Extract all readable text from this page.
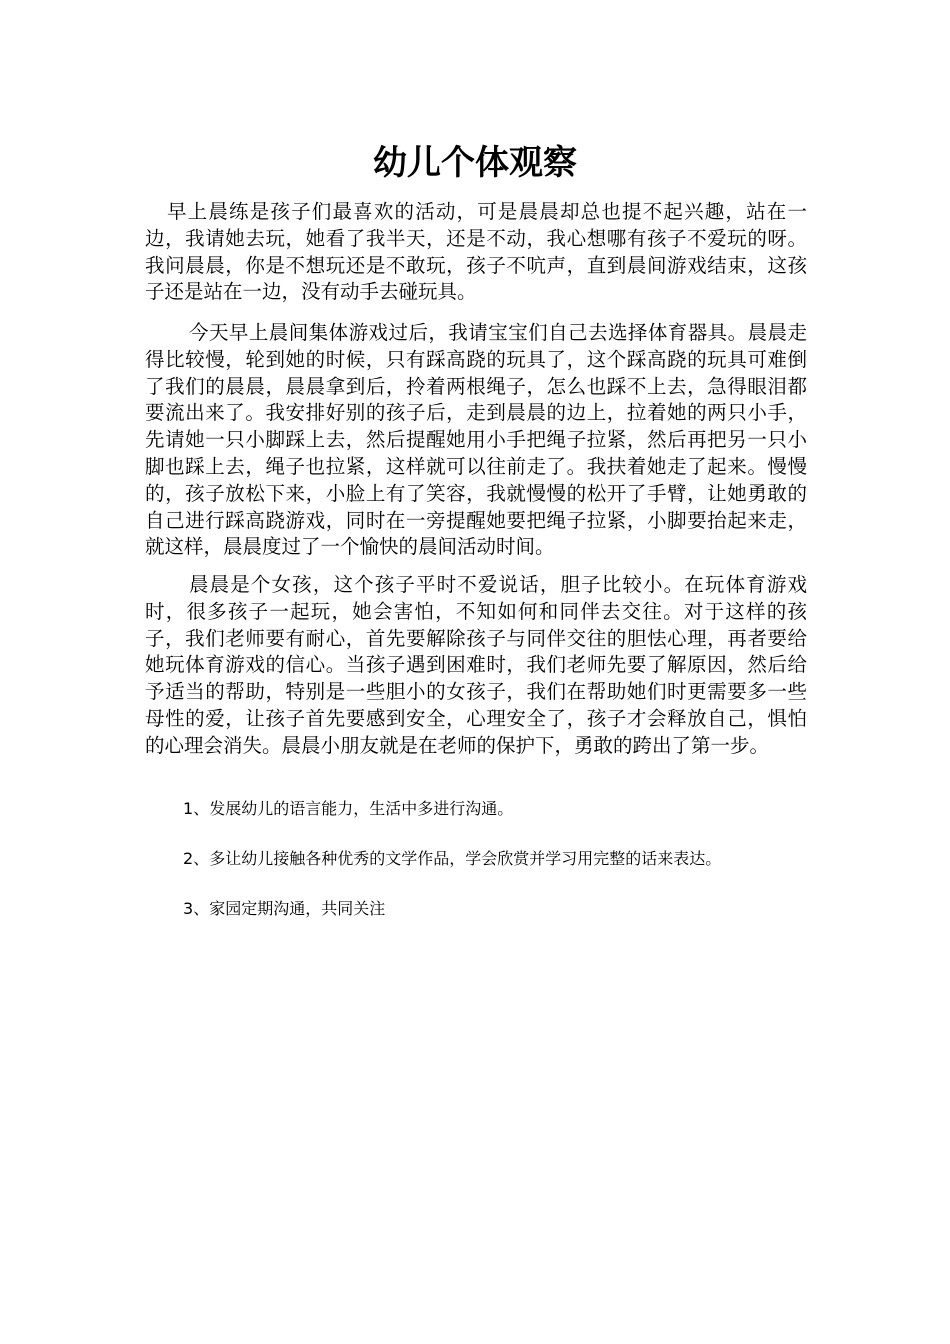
幼儿个体观察

早上晨练是孩子们最喜欢的活动，可是晨晨却总也提不起兴趣，站在一边，我请她去玩，她看了我半天，还是不动，我心想哪有孩子不爱玩的呀。我问晨晨，你是不想玩还是不敢玩，孩子不吭声，直到晨间游戏结束，这孩子还是站在一边，没有动手去碰玩具。

今天早上晨间集体游戏过后，我请宝宝们自己去选择体育器具。晨晨走得比较慢，轮到她的时候，只有踩高跷的玩具了，这个踩高跷的玩具可难倒了我们的晨晨，晨晨拿到后，拎着两根绳子，怎么也踩不上去，急得眼泪都要流出来了。我安排好别的孩子后，走到晨晨的边上，拉着她的两只小手，先请她一只小脚踩上去，然后提醒她用小手把绳子拉紧，然后再把另一只小脚也踩上去，绳子也拉紧，这样就可以往前走了。我扶着她走了起来。慢慢的，孩子放松下来，小脸上有了笑容，我就慢慢的松开了手臂，让她勇敢的自己进行踩高跷游戏，同时在一旁提醒她要把绳子拉紧，小脚要抬起来走，就这样，晨晨度过了一个愉快的晨间活动时间。

晨晨是个女孩，这个孩子平时不爱说话，胆子比较小。在玩体育游戏时，很多孩子一起玩，她会害怕，不知如何和同伴去交往。对于这样的孩子，我们老师要有耐心，首先要解除孩子与同伴交往的胆怯心理，再者要给她玩体育游戏的信心。当孩子遇到困难时，我们老师先要了解原因，然后给予适当的帮助，特别是一些胆小的女孩子，我们在帮助她们时更需要多一些母性的爱，让孩子首先要感到安全，心理安全了，孩子才会释放自己，惧怕的心理会消失。晨晨小朋友就是在老师的保护下，勇敢的跨出了第一步。

1、发展幼儿的语言能力，生活中多进行沟通。

2、多让幼儿接触各种优秀的文学作品，学会欣赏并学习用完整的话来表达。

3、家园定期沟通，共同关注
